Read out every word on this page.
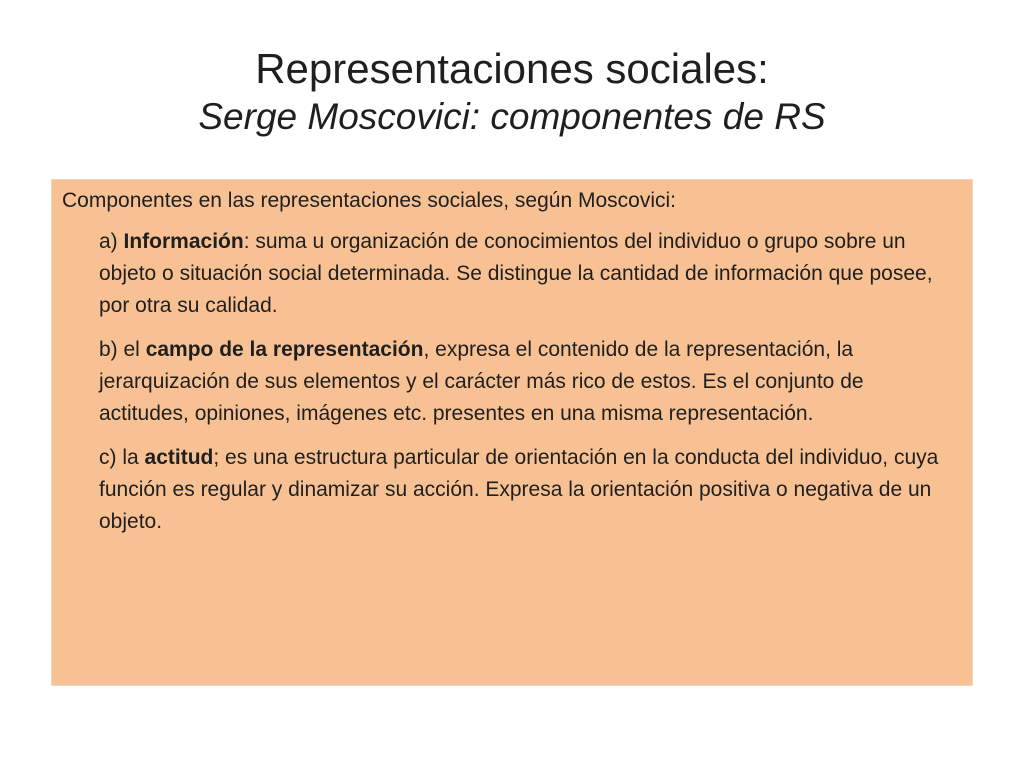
Representaciones sociales:
Serge Moscovici: componentes de RS

Componentes en las representaciones sociales, según Moscovici:

a) Información: suma u organización de conocimientos del individuo o grupo sobre un objeto o situación social determinada. Se distingue la cantidad de información que posee, por otra su calidad.

b) el campo de la representación, expresa el contenido de la representación, la jerarquización de sus elementos y el carácter más rico de estos. Es el conjunto de actitudes, opiniones, imágenes etc. presentes en una misma representación.

c) la actitud; es una estructura particular de orientación en la conducta del individuo, cuya función es regular y dinamizar su acción. Expresa la orientación positiva o negativa de un objeto.
